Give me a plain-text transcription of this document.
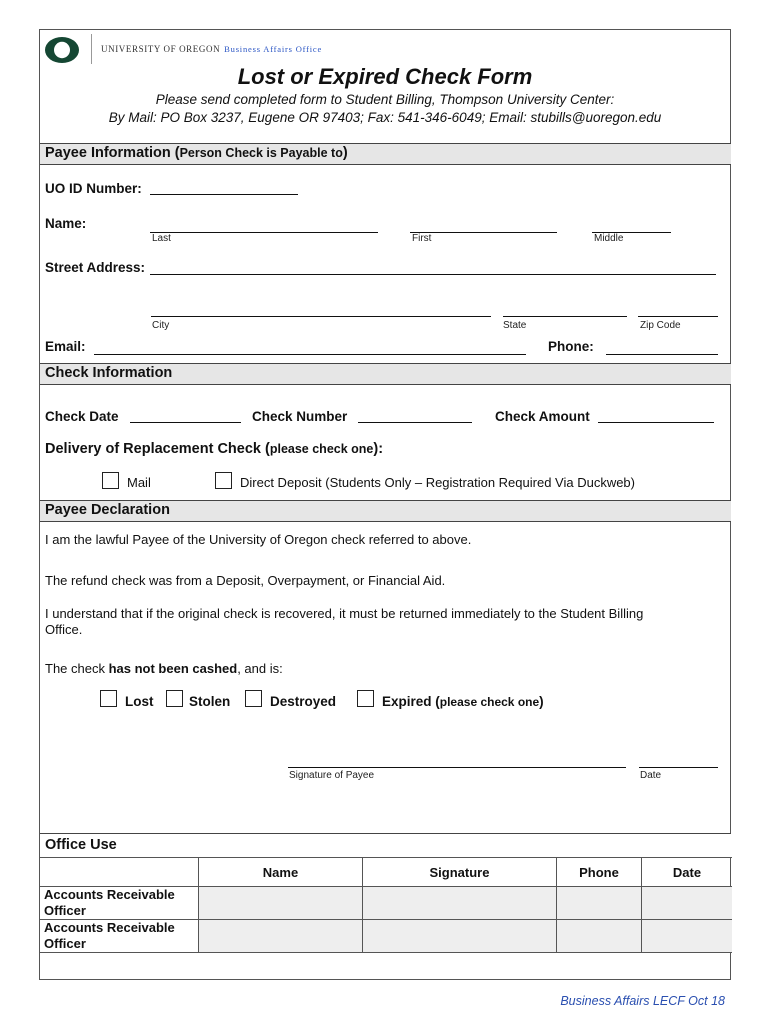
UNIVERSITY OF OREGON Business Affairs Office
Lost or Expired Check Form
Please send completed form to Student Billing, Thompson University Center:
By Mail: PO Box 3237, Eugene OR 97403; Fax: 541-346-6049; Email: stubills@uoregon.edu
Payee Information (Person Check is Payable to)
UO ID Number:
Name:
Last	First	Middle
Street Address:
City	State	Zip Code
Email:	Phone:
Check Information
Check Date	Check Number	Check Amount
Delivery of Replacement Check (please check one):
Mail	Direct Deposit (Students Only – Registration Required Via Duckweb)
Payee Declaration
I am the lawful Payee of the University of Oregon check referred to above.
The refund check was from a Deposit, Overpayment, or Financial Aid.
I understand that if the original check is recovered, it must be returned immediately to the Student Billing
Office.
The check has not been cashed, and is:
Lost	Stolen	Destroyed	Expired (please check one)
Signature of Payee	Date
Office Use
	Name	Signature	Phone	Date
Accounts Receivable Officer				
Accounts Receivable Officer				
Business Affairs LECF Oct 18
